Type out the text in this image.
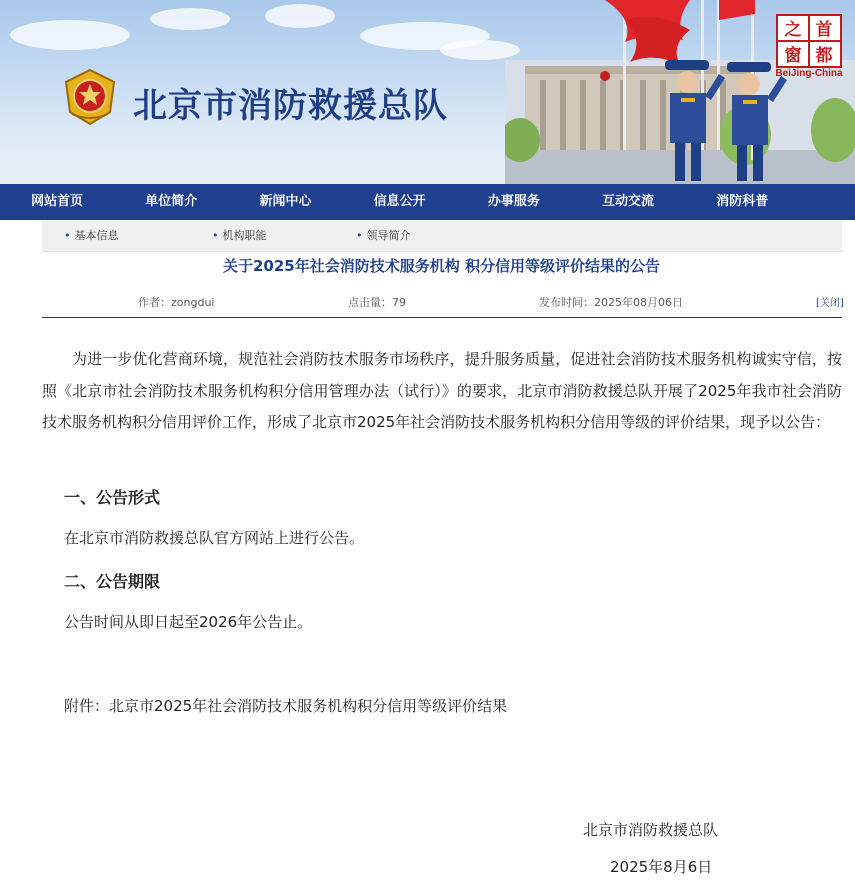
北京市消防救援总队
首
都
之
窗
BeiJing-China
网站首页	单位简介	新闻中心	信息公开	办事服务	互动交流	消防科普
• 基本信息	• 机构职能	• 领导简介
关于2025年社会消防技术服务机构 积分信用等级评价结果的公告
作者：zongdui	点击量：79	发布时间：2025年08月06日	[关闭]

为进一步优化营商环境，规范社会消防技术服务市场秩序，提升服务质量，促进社会消防技术服务机构诚实守信，按照《北京市社会消防技术服务机构积分信用管理办法（试行）》的要求，北京市消防救援总队开展了2025年我市社会消防技术服务机构积分信用评价工作，形成了北京市2025年社会消防技术服务机构积分信用等级的评价结果，现予以公告：

一、公告形式

在北京市消防救援总队官方网站上进行公告。

二、公告期限

公告时间从即日起至2026年公告止。

附件：北京市2025年社会消防技术服务机构积分信用等级评价结果

北京市消防救援总队

2025年8月6日
